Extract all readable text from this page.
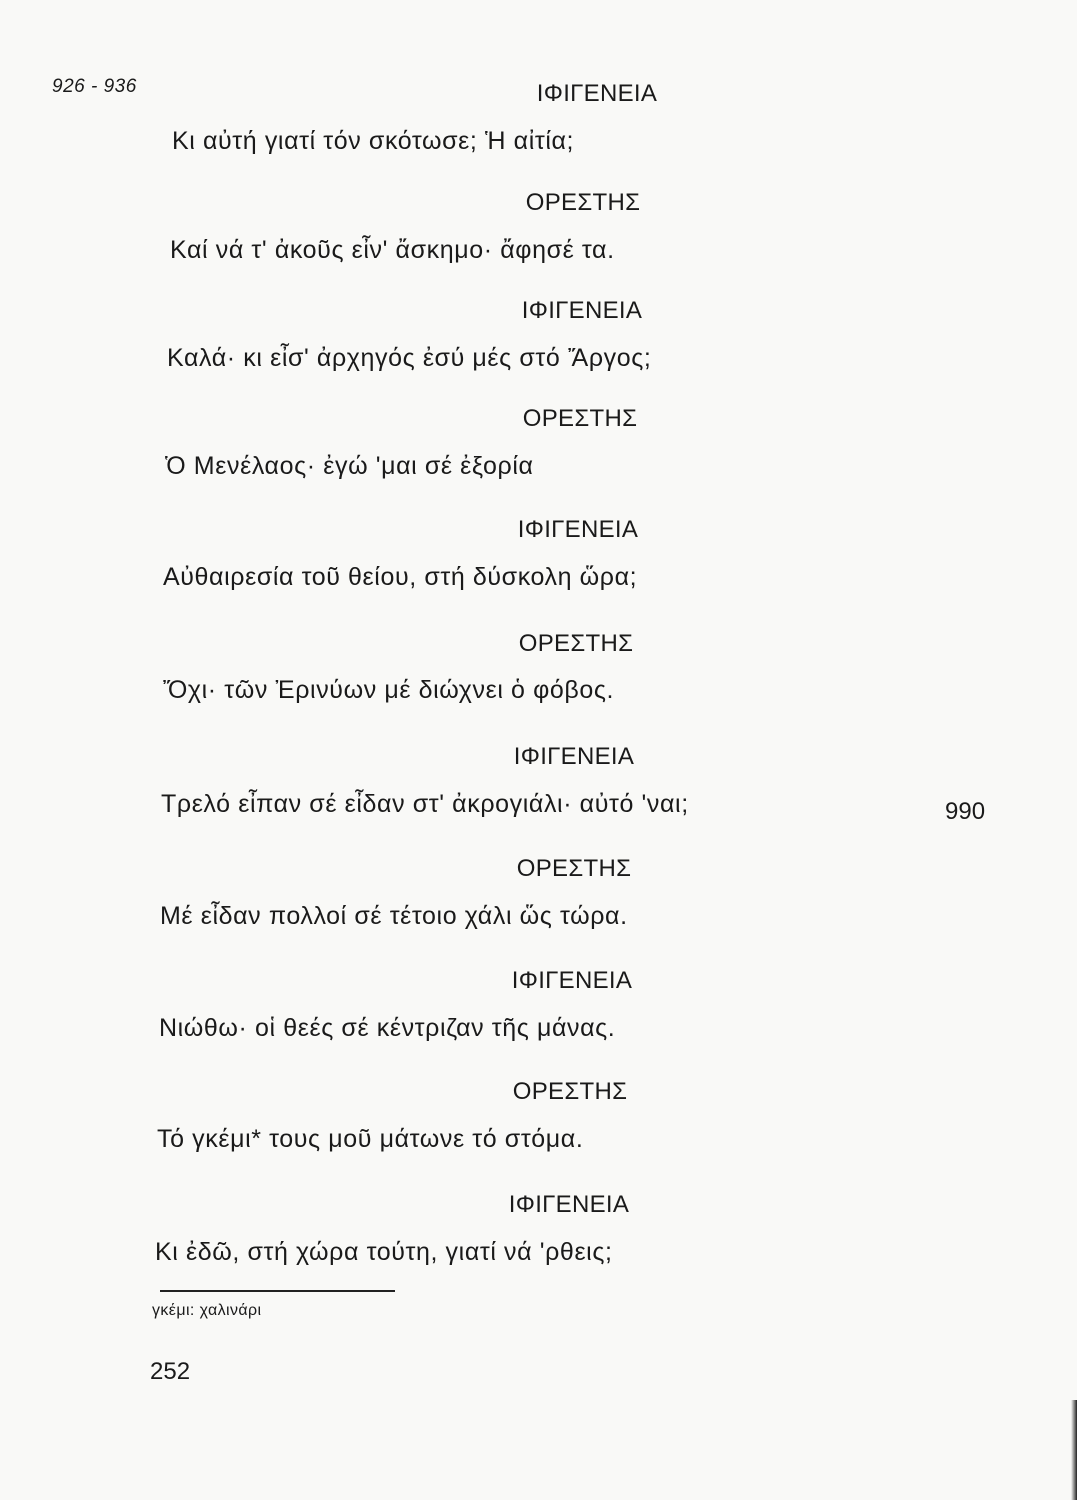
926 - 936	ΙΦΙΓΕΝΕΙΑ
Κι αὐτή γιατί τόν σκότωσε; Ἡ αἰτία;
ΟΡΕΣΤΗΣ
Καί νά τ' ἀκοῦς εἶν' ἄσκημο· ἄφησέ τα.
ΙΦΙΓΕΝΕΙΑ
Καλά· κι εἶσ' ἀρχηγός ἐσύ μές στό Ἄργος;
ΟΡΕΣΤΗΣ
Ὁ Μενέλαος· ἐγώ 'μαι σέ ἐξορία
ΙΦΙΓΕΝΕΙΑ
Αὐθαιρεσία τοῦ θείου, στή δύσκολη ὥρα;
ΟΡΕΣΤΗΣ
Ὄχι· τῶν Ἐρινύων μέ διώχνει ὁ φόβος.
ΙΦΙΓΕΝΕΙΑ
Τρελό εἶπαν σέ εἶδαν στ' ἀκρογιάλι· αὐτό 'ναι;	990
ΟΡΕΣΤΗΣ
Μέ εἶδαν πολλοί σέ τέτοιο χάλι ὥς τώρα.
ΙΦΙΓΕΝΕΙΑ
Νιώθω· οἱ θεές σέ κέντριζαν τῆς μάνας.
ΟΡΕΣΤΗΣ
Τό γκέμι* τους μοῦ μάτωνε τό στόμα.
ΙΦΙΓΕΝΕΙΑ
Κι ἐδῶ, στή χώρα τούτη, γιατί νά 'ρθεις;
γκέμι: χαλινάρι
252
